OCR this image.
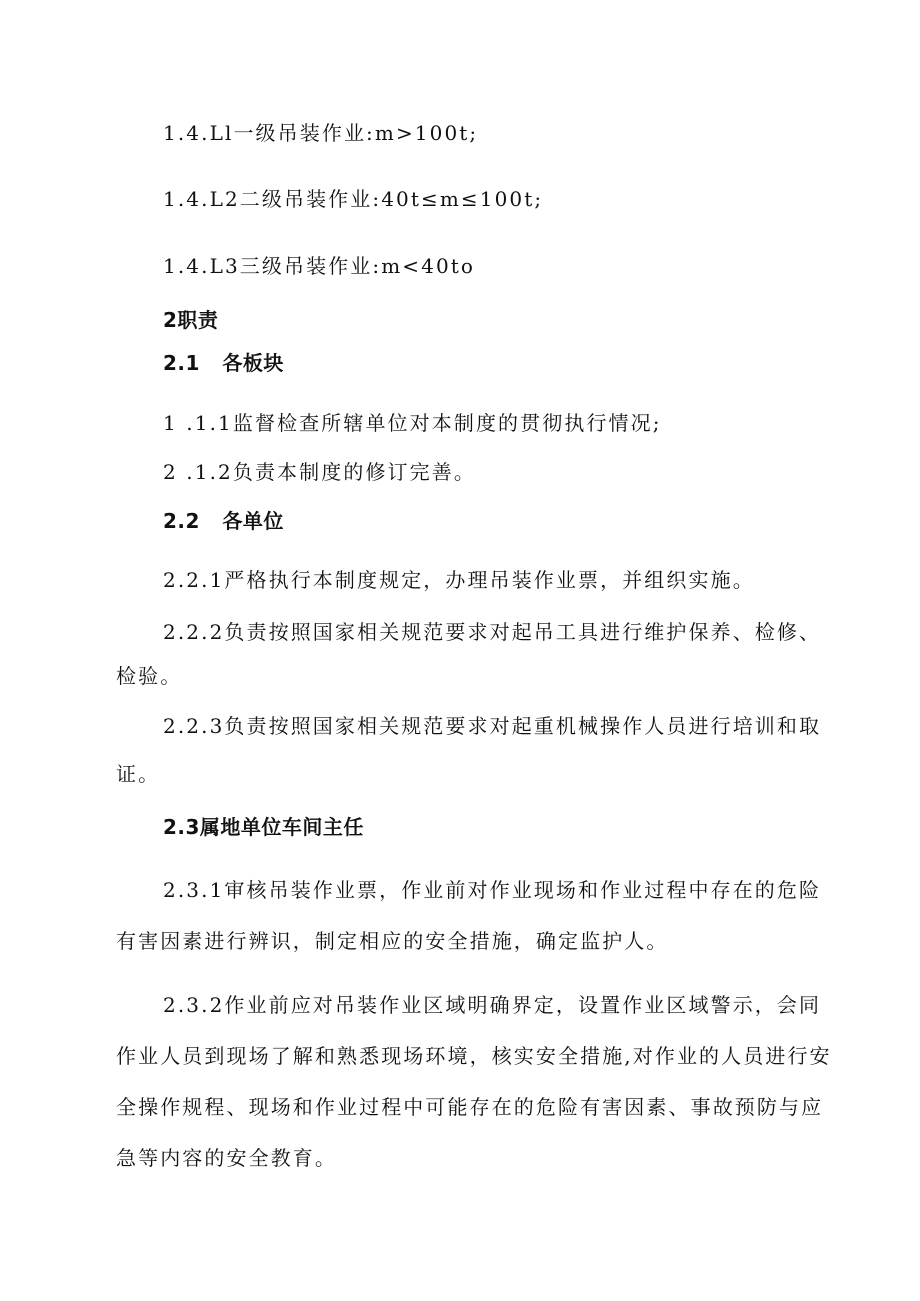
1.4.Ll一级吊装作业:m>100t;
1.4.L2二级吊装作业:40t≤m≤100t;
1.4.L3三级吊装作业:m<40to
2职责
2.1   各板块
1 .1.1监督检查所辖单位对本制度的贯彻执行情况;
2 .1.2负责本制度的修订完善。
2.2   各单位
2.2.1严格执行本制度规定，办理吊装作业票，并组织实施。
2.2.2负责按照国家相关规范要求对起吊工具进行维护保养、检修、
检验。
2.2.3负责按照国家相关规范要求对起重机械操作人员进行培训和取
证。
2.3属地单位车间主任
2.3.1审核吊装作业票，作业前对作业现场和作业过程中存在的危险
有害因素进行辨识，制定相应的安全措施，确定监护人。
2.3.2作业前应对吊装作业区域明确界定，设置作业区域警示，会同
作业人员到现场了解和熟悉现场环境，核实安全措施,对作业的人员进行安
全操作规程、现场和作业过程中可能存在的危险有害因素、事故预防与应
急等内容的安全教育。
